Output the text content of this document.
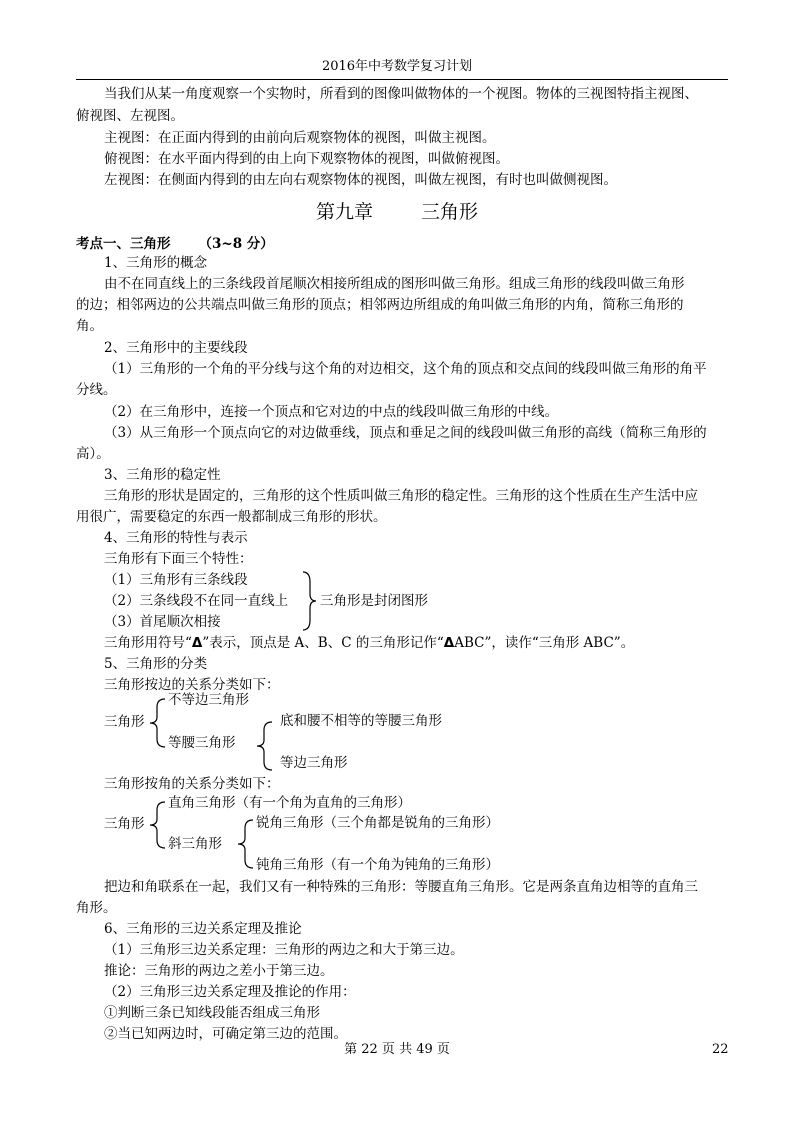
2016年中考数学复习计划
当我们从某一角度观察一个实物时，所看到的图像叫做物体的一个视图。物体的三视图特指主视图、
俯视图、左视图。
主视图：在正面内得到的由前向后观察物体的视图，叫做主视图。
俯视图：在水平面内得到的由上向下观察物体的视图，叫做俯视图。
左视图：在侧面内得到的由左向右观察物体的视图，叫做左视图，有时也叫做侧视图。
第九章	三角形
考点一、三角形 （3~8 分）
1、三角形的概念
由不在同直线上的三条线段首尾顺次相接所组成的图形叫做三角形。组成三角形的线段叫做三角形
的边；相邻两边的公共端点叫做三角形的顶点；相邻两边所组成的角叫做三角形的内角，简称三角形的
角。
2、三角形中的主要线段
（1）三角形的一个角的平分线与这个角的对边相交，这个角的顶点和交点间的线段叫做三角形的角平
分线。
（2）在三角形中，连接一个顶点和它对边的中点的线段叫做三角形的中线。
（3）从三角形一个顶点向它的对边做垂线，顶点和垂足之间的线段叫做三角形的高线（简称三角形的
高）。
3、三角形的稳定性
三角形的形状是固定的，三角形的这个性质叫做三角形的稳定性。三角形的这个性质在生产生活中应
用很广，需要稳定的东西一般都制成三角形的形状。
4、三角形的特性与表示
三角形有下面三个特性：
（1）三角形有三条线段
（2）三条线段不在同一直线上
（3）首尾顺次相接
三角形是封闭图形
三角形用符号“Δ”表示，顶点是 A、B、C 的三角形记作“ΔABC”，读作“三角形 ABC”。
5、三角形的分类
三角形按边的关系分类如下：
三角形
不等边三角形
等腰三角形
底和腰不相等的等腰三角形
等边三角形
三角形按角的关系分类如下：
三角形
直角三角形（有一个角为直角的三角形）
斜三角形
锐角三角形（三个角都是锐角的三角形）
钝角三角形（有一个角为钝角的三角形）
把边和角联系在一起，我们又有一种特殊的三角形：等腰直角三角形。它是两条直角边相等的直角三
角形。
6、三角形的三边关系定理及推论
（1）三角形三边关系定理：三角形的两边之和大于第三边。
推论：三角形的两边之差小于第三边。
（2）三角形三边关系定理及推论的作用：
①判断三条已知线段能否组成三角形
②当已知两边时，可确定第三边的范围。
第 22 页 共 49 页	22
